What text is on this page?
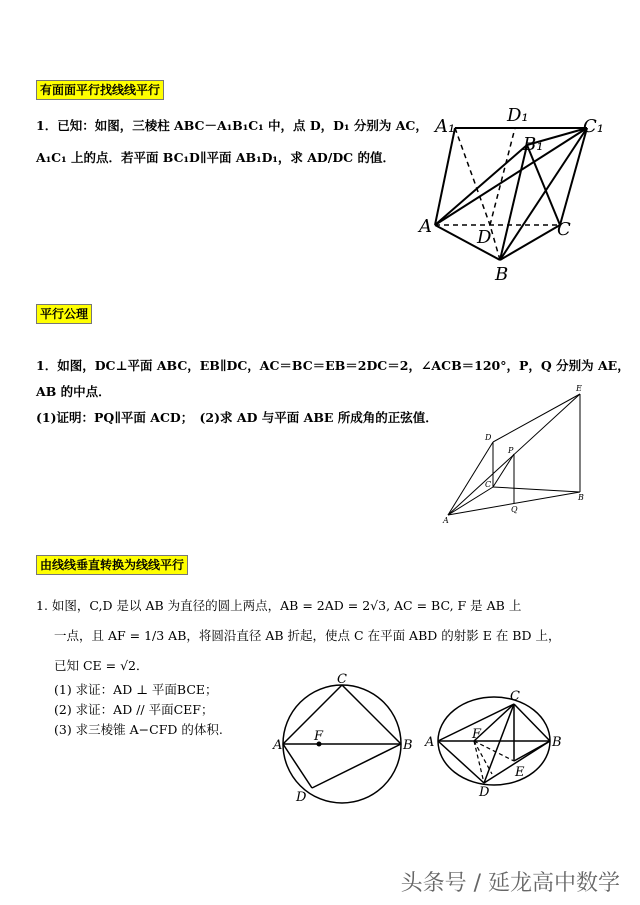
有面面平行找线线平行
1．已知：如图，三棱柱 ABC－A₁B₁C₁ 中，点 D，D₁ 分别为 AC，
A₁C₁ 上的点．若平面 BC₁D∥平面 AB₁D₁，求 AD/DC 的值．
A₁
D₁
B₁
C₁
A
D	C
B
平行公理
1．如图，DC⊥平面 ABC，EB∥DC，AC＝BC＝EB＝2DC＝2，∠ACB＝120°，P，Q 分别为 AE，
AB 的中点．
(1)证明：PQ∥平面 ACD；　(2)求 AD 与平面 ABE 所成角的正弦值．
E
D
P
C
B
Q
A
由线线垂直转换为线线平行
1. 如图，C,D 是以 AB 为直径的圆上两点，AB = 2AD = 2√3, AC = BC, F 是 AB 上
一点，且 AF = 1/3 AB，将圆沿直径 AB 折起，使点 C 在平面 ABD 的射影 E 在 BD 上，
已知 CE = √2．
(1) 求证：AD ⊥ 平面BCE；
(2) 求证：AD // 平面CEF；
(3) 求三棱锥 A−CFD 的体积.
C
A
F
B
D
C
A
F
B
E
D
头条号 / 延龙高中数学
